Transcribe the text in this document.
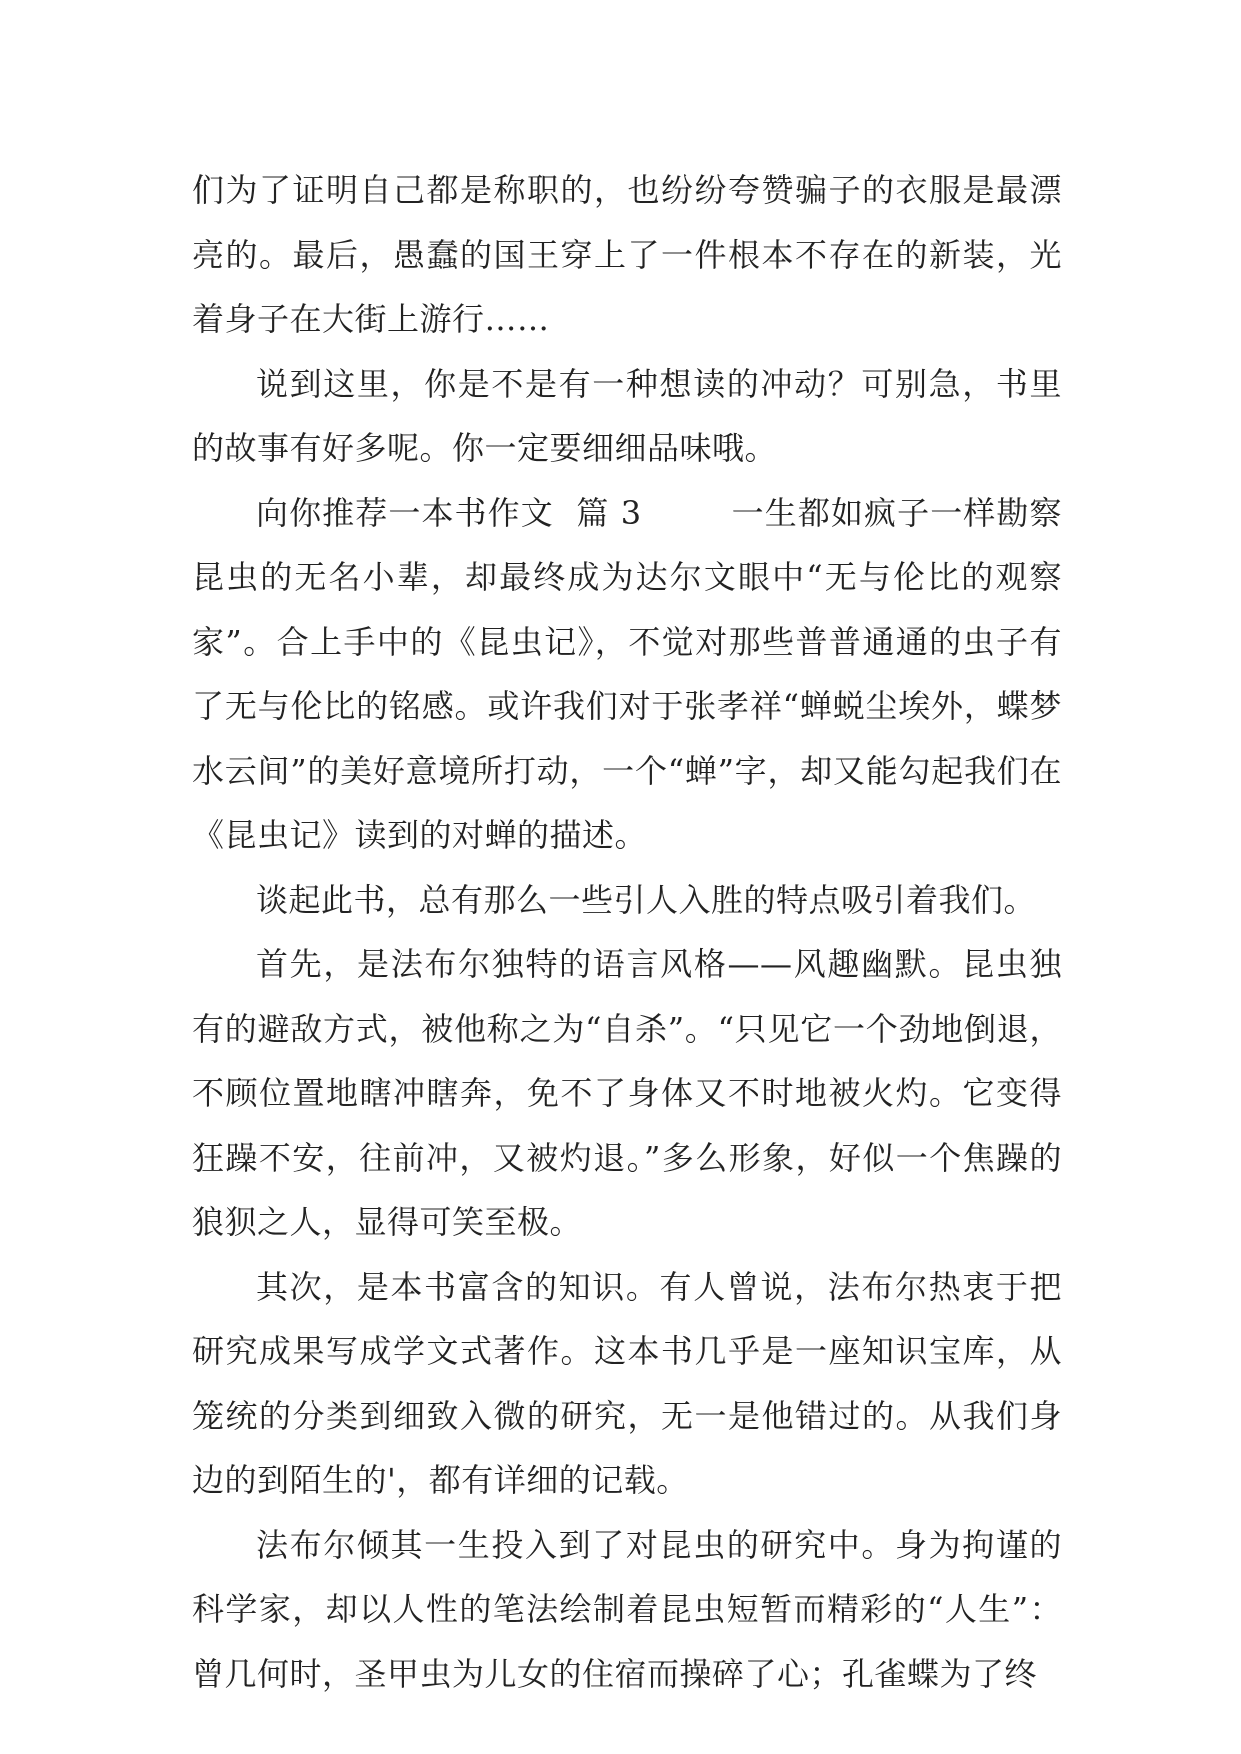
们为了证明自己都是称职的，也纷纷夸赞骗子的衣服是最漂亮的。最后，愚蠢的国王穿上了一件根本不存在的新装，光着身子在大街上游行……

说到这里，你是不是有一种想读的冲动？可别急，书里的故事有好多呢。你一定要细细品味哦。

向你推荐一本书作文  篇 3        一生都如疯子一样勘察昆虫的无名小辈，却最终成为达尔文眼中“无与伦比的观察家”。合上手中的《昆虫记》，不觉对那些普普通通的虫子有了无与伦比的铭感。或许我们对于张孝祥“蝉蜕尘埃外，蝶梦水云间”的美好意境所打动，一个“蝉”字，却又能勾起我们在《昆虫记》读到的对蝉的描述。

谈起此书，总有那么一些引人入胜的特点吸引着我们。

首先，是法布尔独特的语言风格——风趣幽默。昆虫独有的避敌方式，被他称之为“自杀”。“只见它一个劲地倒退，不顾位置地瞎冲瞎奔，免不了身体又不时地被火灼。它变得狂躁不安，往前冲，又被灼退。”多么形象，好似一个焦躁的狼狈之人，显得可笑至极。

其次，是本书富含的知识。有人曾说，法布尔热衷于把研究成果写成学文式著作。这本书几乎是一座知识宝库，从笼统的分类到细致入微的研究，无一是他错过的。从我们身边的到陌生的'，都有详细的记载。

法布尔倾其一生投入到了对昆虫的研究中。身为拘谨的科学家，却以人性的笔法绘制着昆虫短暂而精彩的“人生”：曾几何时，圣甲虫为儿女的住宿而操碎了心；孔雀蝶为了终
